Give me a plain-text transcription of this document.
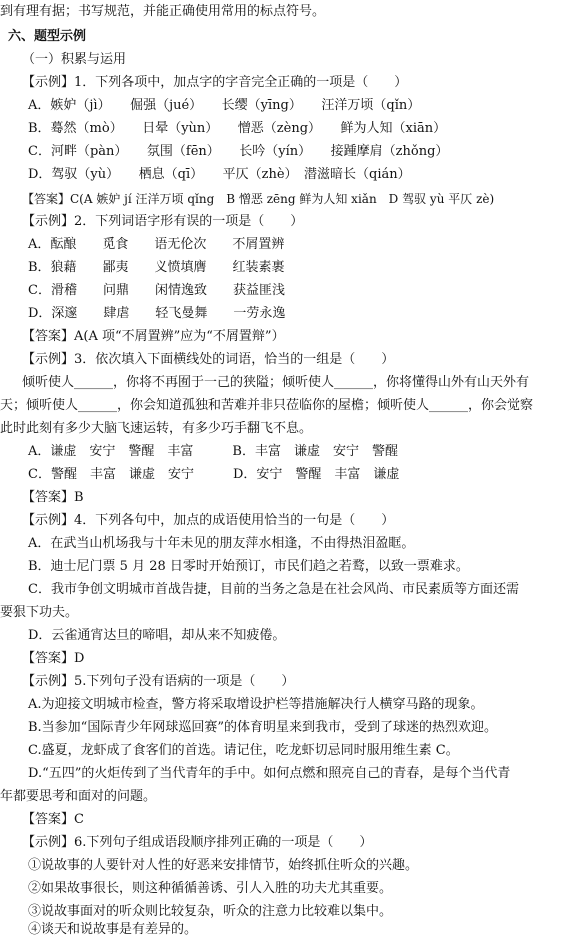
到有理有据；书写规范，并能正确使用常用的标点符号。
六、题型示例
（一）积累与运用
【示例】1．下列各项中，加点字的字音完全正确的一项是（　　）
A．嫉妒（jì）　　倔强（jué）　　长缨（yīng）　　汪洋万顷（qǐn）
B．蓦然（mò）　　日晕（yùn）　　憎恶（zèng）　　鲜为人知（xiān）
C．河畔（pàn）　　氛围（fēn）　　长吟（yín）　　接踵摩肩（zhǒng）
D．驾驭（yù）　　栖息（qī）　　平仄（zhè）　潜滋暗长（qián）
【答案】C(A 嫉妒 jí 汪洋万顷 qǐng　B 憎恶 zēng 鲜为人知 xiǎn　D 驾驭 yù 平仄 zè)
【示例】2．下列词语字形有误的一项是（　　）
A．酝酿　　觅食　　语无伦次　　不屑置辨
B．狼藉　　鄙夷　　义愤填膺　　红装素裹
C．滑稽　　问鼎　　闲情逸致　　获益匪浅
D．深邃　　肆虐　　轻飞曼舞　　一劳永逸
【答案】A(A 项“不屑置辨”应为“不屑置辩”）
【示例】3．依次填入下面横线处的词语，恰当的一组是（　　）
倾听使人______，你将不再囿于一己的狭隘；倾听使人______，你将懂得山外有山天外有
天；倾听使人______，你会知道孤独和苦难并非只莅临你的屋檐；倾听使人______，你会觉察
此时此刻有多少大脑飞速运转，有多少巧手翻飞不息。
A．谦虚　安宁　警醒　丰富　　　B．丰富　谦虚　安宁　警醒
C．警醒　丰富　谦虚　安宁　　　D．安宁　警醒　丰富　谦虚
【答案】B
【示例】4．下列各句中，加点的成语使用恰当的一句是（　　）
A．在武当山机场我与十年未见的朋友萍水相逢，不由得热泪盈眶。
B．迪士尼门票 5 月 28 日零时开始预订，市民们趋之若鹜，以致一票难求。
C．我市争创文明城市首战告捷，目前的当务之急是在社会风尚、市民素质等方面还需
要狠下功夫。
D．云雀通宵达旦的啼唱，却从来不知疲倦。
【答案】D
【示例】5.下列句子没有语病的一项是（　　）
A.为迎接文明城市检查，警方将采取增设护栏等措施解决行人横穿马路的现象。
B.当参加“国际青少年网球巡回赛”的体育明星来到我市，受到了球迷的热烈欢迎。
C.盛夏，龙虾成了食客们的首选。请记住，吃龙虾切忌同时服用维生素 C。
D.“五四”的火炬传到了当代青年的手中。如何点燃和照亮自己的青春，是每个当代青
年都要思考和面对的问题。
【答案】C
【示例】6.下列句子组成语段顺序排列正确的一项是（　　）
①说故事的人要针对人性的好恶来安排情节，始终抓住听众的兴趣。
②如果故事很长，则这种循循善诱、引人入胜的功夫尤其重要。
③说故事面对的听众则比较复杂，听众的注意力比较难以集中。
④谈天和说故事是有差异的。
